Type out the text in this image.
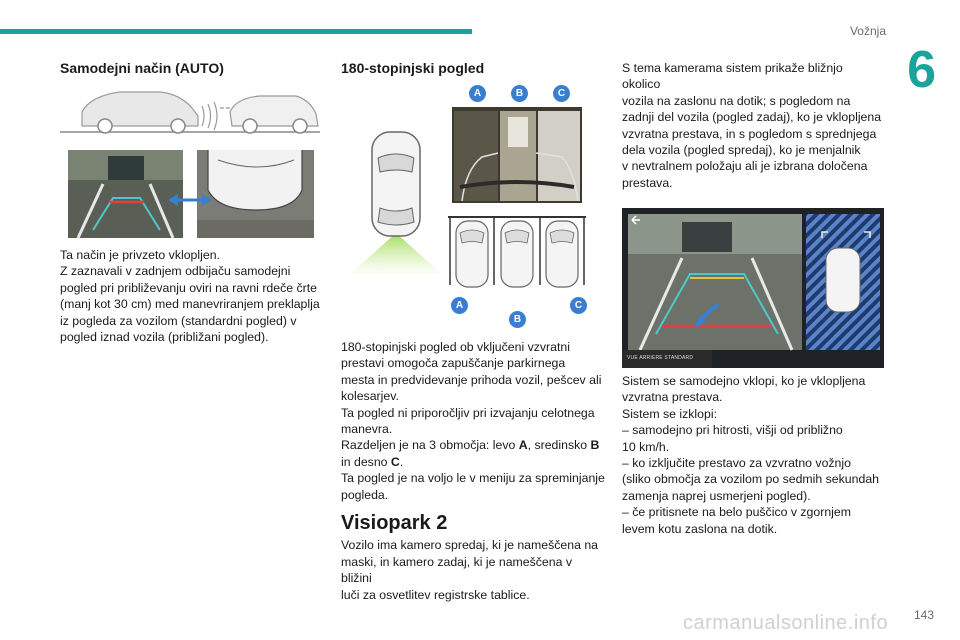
Vožnja
6
Samodejni način (AUTO)

Ta način je privzeto vklopljen.

Z zaznavali v zadnjem odbijaču samodejni

pogled pri približevanju oviri na ravni rdeče črte

(manj kot 30 cm) med manevriranjem preklaplja

iz pogleda za vozilom (standardni pogled) v

pogled iznad vozila (približani pogled).

180-stopinjski pogled
A	B	C
A
B
C

180-stopinjski pogled ob vključeni vzvratni

prestavi omogoča zapuščanje parkirnega

mesta in predvidevanje prihoda vozil, pešcev ali

kolesarjev.

Ta pogled ni priporočljiv pri izvajanju celotnega

manevra.

Razdeljen je na 3 območja: levo A, sredinsko B

in desno C.

Ta pogled je na voljo le v meniju za spreminjanje

pogleda.

Visiopark 2

Vozilo ima kamero spredaj, ki je nameščena na

maski, in kamero zadaj, ki je nameščena v bližini

luči za osvetlitev registrske tablice.

S tema kamerama sistem prikaže bližnjo okolico

vozila na zaslonu na dotik; s pogledom na

zadnji del vozila (pogled zadaj), ko je vklopljena

vzvratna prestava, in s pogledom s sprednjega

dela vozila (pogled spredaj), ko je menjalnik

v nevtralnem položaju ali je izbrana določena

prestava.

VUE ARRIERE STANDARD

Sistem se samodejno vklopi, ko je vklopljena

vzvratna prestava.

Sistem se izklopi:

– samodejno pri hitrosti, višji od približno

10 km/h.

– ko izključite prestavo za vzvratno vožnjo

(sliko območja za vozilom po sedmih sekundah

zamenja naprej usmerjeni pogled).

– če pritisnete na belo puščico v zgornjem

levem kotu zaslona na dotik.

carmanualsonline.info 143
